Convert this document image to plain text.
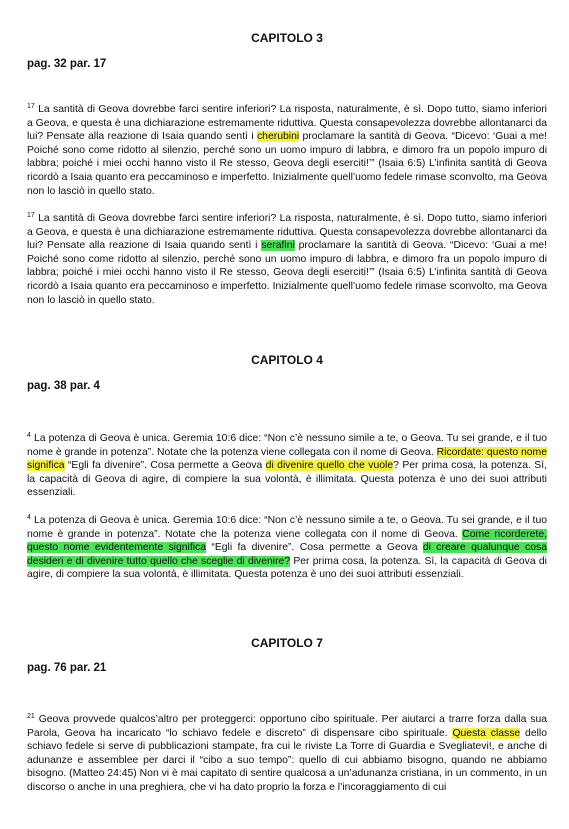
CAPITOLO 3
pag. 32 par. 17

$^{17}$ La santità di Geova dovrebbe farci sentire inferiori? La risposta, naturalmente, è sì. Dopo tutto, siamo inferiori a Geova, e questa è una dichiarazione estremamente riduttiva. Questa consapevolezza dovrebbe allontanarci da lui? Pensate alla reazione di Isaia quando sentì i cherubini proclamare la santità di Geova. “Dicevo: ‘Guai a me! Poiché sono come ridotto al silenzio, perché sono un uomo impuro di labbra, e dimoro fra un popolo impuro di labbra; poiché i miei occhi hanno visto il Re stesso, Geova degli eserciti!’” (Isaia 6:5) L’infinita santità di Geova ricordò a Isaia quanto era peccaminoso e imperfetto. Inizialmente quell’uomo fedele rimase sconvolto, ma Geova non lo lasciò in quello stato.

$^{17}$ La santità di Geova dovrebbe farci sentire inferiori? La risposta, naturalmente, è sì. Dopo tutto, siamo inferiori a Geova, e questa è una dichiarazione estremamente riduttiva. Questa consapevolezza dovrebbe allontanarci da lui? Pensate alla reazione di Isaia quando sentì i serafini proclamare la santità di Geova. “Dicevo: ‘Guai a me! Poiché sono come ridotto al silenzio, perché sono un uomo impuro di labbra, e dimoro fra un popolo impuro di labbra; poiché i miei occhi hanno visto il Re stesso, Geova degli eserciti!’” (Isaia 6:5) L’infinita santità di Geova ricordò a Isaia quanto era peccaminoso e imperfetto. Inizialmente quell’uomo fedele rimase sconvolto, ma Geova non lo lasciò in quello stato.

CAPITOLO 4
pag. 38 par. 4

$^4$ La potenza di Geova è unica. Geremia 10:6 dice: “Non c’è nessuno simile a te, o Geova. Tu sei grande, e il tuo nome è grande in potenza”. Notate che la potenza viene collegata con il nome di Geova. Ricordate: questo nome significa “Egli fa divenire”. Cosa permette a Geova di divenire quello che vuole? Per prima cosa, la potenza. Sì, la capacità di Geova di agire, di compiere la sua volontà, è illimitata. Questa potenza è uno dei suoi attributi essenziali.

$^4$ La potenza di Geova è unica. Geremia 10:6 dice: “Non c’è nessuno simile a te, o Geova. Tu sei grande, e il tuo nome è grande in potenza”. Notate che la potenza viene collegata con il nome di Geova. Come ricorderete, questo nome evidentemente significa “Egli fa divenire”. Cosa permette a Geova di creare qualunque cosa desideri e di divenire tutto quello che sceglie di divenire? Per prima cosa, la potenza. Sì, la capacità di Geova di agire, di compiere la sua volontà, è illimitata. Questa potenza è uno dei suoi attributi essenziali.

CAPITOLO 7
pag. 76 par. 21

$^{21}$ Geova provvede qualcos’altro per proteggerci: opportuno cibo spirituale. Per aiutarci a trarre forza dalla sua Parola, Geova ha incaricato “lo schiavo fedele e discreto” di dispensare cibo spirituale. Questa classe dello schiavo fedele si serve di pubblicazioni stampate, fra cui le riviste La Torre di Guardia e Svegliatevi!, e anche di adunanze e assemblee per darci il “cibo a suo tempo”: quello di cui abbiamo bisogno, quando ne abbiamo bisogno. (Matteo 24:45) Non vi è mai capitato di sentire qualcosa a un’adunanza cristiana, in un commento, in un discorso o anche in una preghiera, che vi ha dato proprio la forza e l’incoraggiamento di cui
